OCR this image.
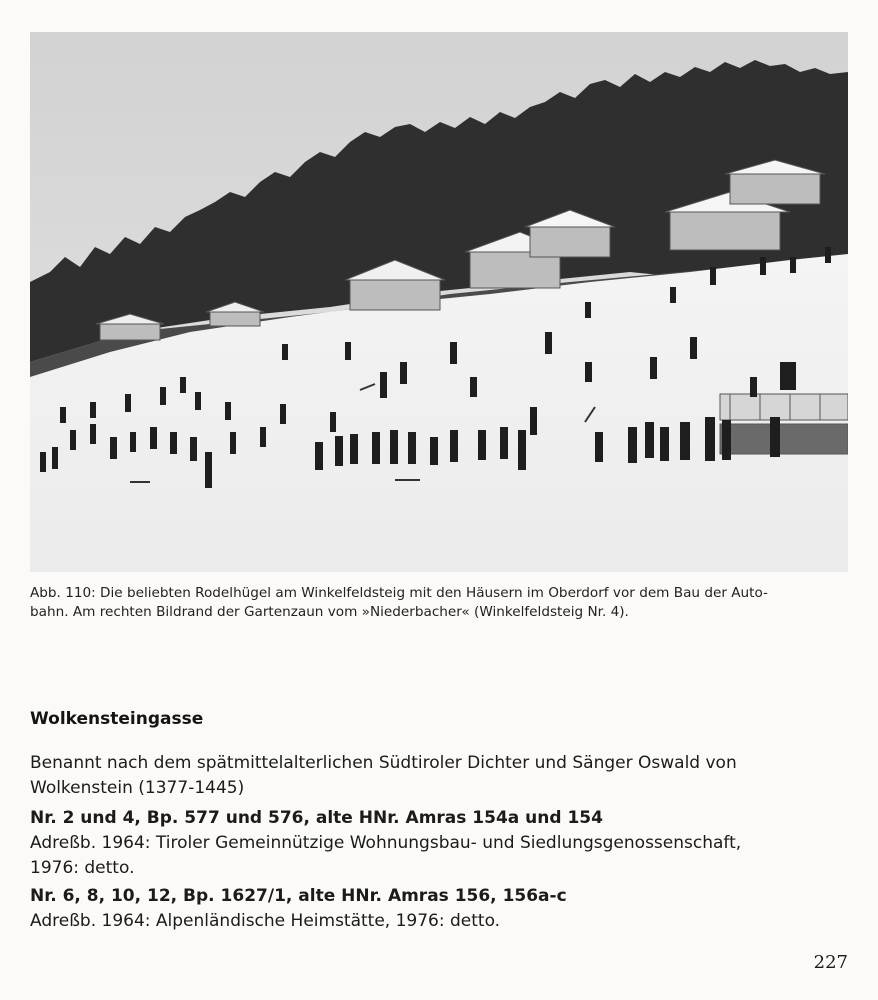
Abb. 110: Die beliebten Rodelhügel am Winkelfeldsteig mit den Häusern im Oberdorf vor dem Bau der Auto-
bahn. Am rechten Bildrand der Gartenzaun vom »Niederbacher« (Winkelfeldsteig Nr. 4).
Wolkensteingasse
Benannt nach dem spätmittelalterlichen Südtiroler Dichter und Sänger Oswald von
Wolkenstein (1377-1445)
Nr. 2 und 4, Bp. 577 und 576, alte HNr. Amras 154a und 154
Adreßb. 1964: Tiroler Gemeinnützige Wohnungsbau- und Siedlungsgenossenschaft,
1976: detto.
Nr. 6, 8, 10, 12, Bp. 1627/1, alte HNr. Amras 156, 156a-c
Adreßb. 1964: Alpenländische Heimstätte, 1976: detto.
227
